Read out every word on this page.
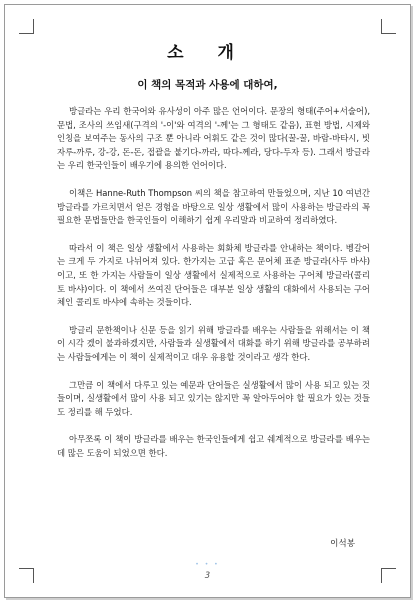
소 개
이 책의 목적과 사용에 대하여,

방글라는 우리 한국어와 유사성이 아주 많은 언어이다. 문장의 형태(주어+서술어), 문법, 조사의 쓰임새(구격의 '-이'와 여격의 '-께'는 그 형태도 같음), 표현 방법, 시제와 인칭을 보여주는 동사의 구조 뿐 아니라 어휘도 같은 것이 많다(꿀-꿀, 바람-바타시, 빗자루-까루, 강-강, 돈-돈, 접괄을 붙기다-까라, 따다-께라, 당다-두자 등). 그래서 방글라는 우리 한국인들이 배우기에 용의한 언어이다.

이책은 Hanne-Ruth Thompson 씨의 책을 참고하여 만들었으며, 지난 10 여년간 방글라를 가르치면서 얻은 경험을 바탕으로 일상 생활에서 많이 사용하는 방글라의 꼭 필요한 문법들만을 한국인들이 이해하기 쉽게 우리말과 비교하여 정리하였다.

따라서 이 책은 일상 생활에서 사용하는 회화체 방글라를 안내하는 책이다. 벵갈어는 크게 두 가지로 나뉘어져 있다. 한가지는 고급 혹은 문어체 표준 방글라(사두 바샤)이고, 또 한 가지는 사람들이 일상 생활에서 실제적으로 사용하는 구어체 방글라(콜리토 바샤)이다. 이 책에서 쓰여진 단어들은 대부분 일상 생활의 대화에서 사용되는 구어체인 콜리토 바샤에 속하는 것들이다.

방글리 문한책이나 신문 등을 읽기 위해 방글라를 배우는 사람들을 위해서는 이 책이 시각 겠이 불과하겠지만, 사람들과 실생활에서 대화를 하기 위해 방글라를 공부하려는 사람들에게는 이 책이 실제적이고 대우 유용할 것이라고 생각 한다.

그만큼 이 책에서 다루고 있는 예문과 단어들은 실생활에서 많이 사용 되고 있는 것들이며, 실생활에서 많이 사용 되고 있기는 않지만 꼭 알아두어야 할 필요가 있는 것들도 정리를 해 두었다.

아무쪼록 이 책이 방글라를 배우는 한국인들에게 쉽고 쉐계적으로 방글라를 배우는데 많은 도움이 되었으면 한다.

이석봉
• • •
3
